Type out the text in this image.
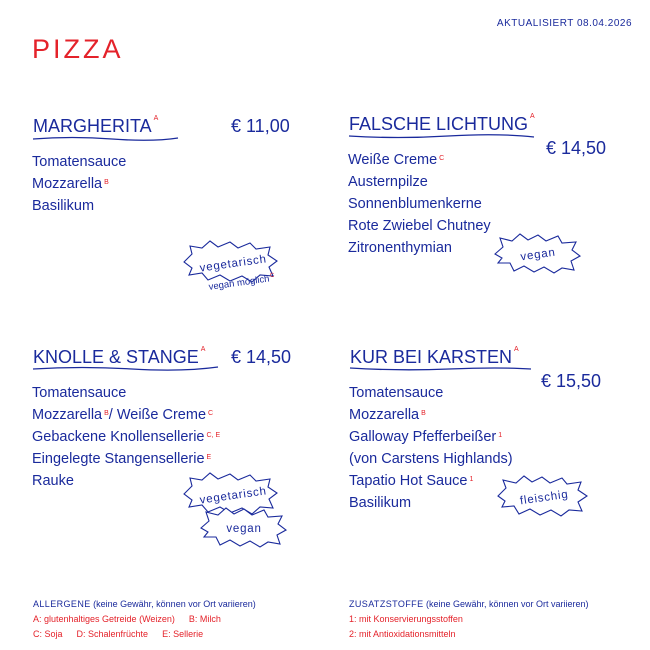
AKTUALISIERT 08.04.2026
PIZZA
MARGHERITA $^A$	€ 11,00
Tomatensauce
Mozzarella $^B$
Basilikum
vegetarisch
vegan möglich$^C$
FALSCHE LICHTUNG $^A$
€ 14,50
Weiße Creme $^C$
Austernpilze
Sonnenblumenkerne
Rote Zwiebel Chutney
Zitronenthymian	vegan
KNOLLE & STANGE $^A$ € 14,50
Tomatensauce
Mozzarella $^B$/ Weiße Creme $^C$
Gebackene Knollensellerie $^{C, E}$
Eingelegte Stangensellerie $^E$
Rauke
vegetarisch
vegan
KUR BEI KARSTEN $^A$
€ 15,50
Tomatensauce
Mozzarella $^B$
Galloway Pfefferbeißer $^1$
(von Carstens Highlands)
Tapatio Hot Sauce $^1$
Basilikum	fleischig
ALLERGENE (keine Gewähr, können vor Ort variieren)
A: glutenhaltiges Getreide (Weizen) B: Milch
C: Soja D: Schalenfrüchte E: Sellerie
ZUSATZSTOFFE (keine Gewähr, können vor Ort variieren)
1: mit Konservierungsstoffen
2: mit Antioxidationsmitteln
